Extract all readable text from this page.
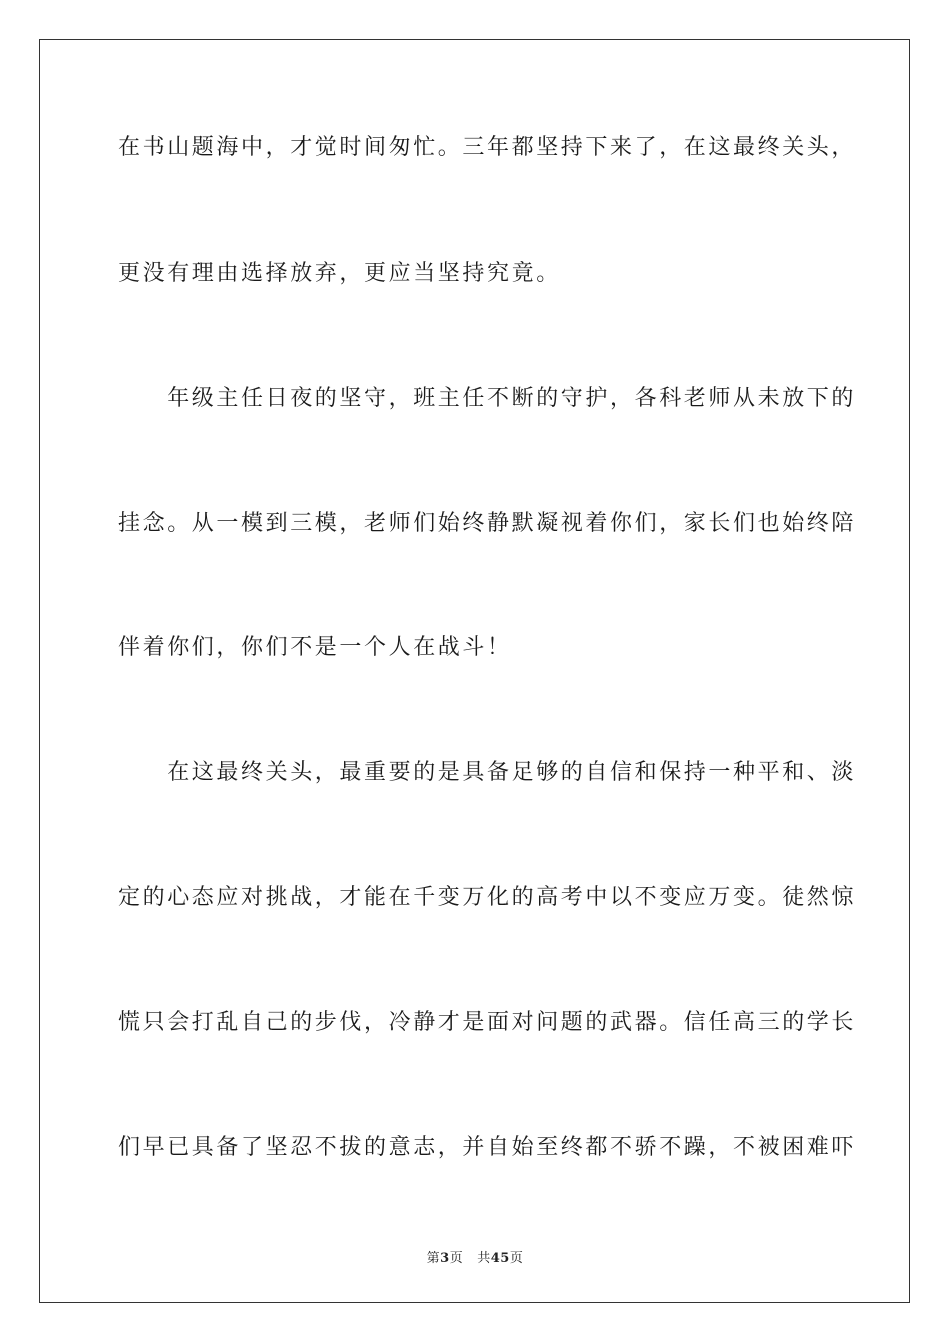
在书山题海中，才觉时间匆忙。三年都坚持下来了，在这最终关头，
更没有理由选择放弃，更应当坚持究竟。
　　年级主任日夜的坚守，班主任不断的守护，各科老师从未放下的
挂念。从一模到三模，老师们始终静默凝视着你们，家长们也始终陪
伴着你们，你们不是一个人在战斗！
　　在这最终关头，最重要的是具备足够的自信和保持一种平和、淡
定的心态应对挑战，才能在千变万化的高考中以不变应万变。徒然惊
慌只会打乱自己的步伐，冷静才是面对问题的武器。信任高三的学长
们早已具备了坚忍不拔的意志，并自始至终都不骄不躁，不被困难吓
第3页 共45页
